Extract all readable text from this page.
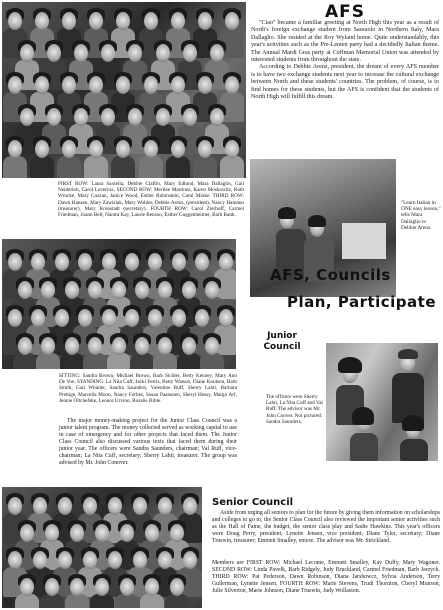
AFS

"Ciao" became a familiar greeting at North High this year as a result of North's foreign exchange student from Sassuolo in Northern Italy, Mara Dallaglio. She resided at the Roy Wyland home. Quite understandably, this year's activities such as the Pre-Lenten party had a decidedly Italian theme. The Annual Mardi Gras party at Coffman Memorial Union was attended by interested students from throughout the state.

According to Debbie Arenz, president, the dream of every AFS member is to have two exchange students next year to increase the cultural exchange between North and these students' countries. The problem, of course, is to find homes for these students, but the AFS is confident that the students of North High will fulfill this dream.

FIRST ROW: Laura Saxtella, Debbie Claflin, Mary Edlund, Mara Dallaglio, Gail Neiderlob, Carol Leveriux; SECOND ROW: Merilee Martinez, Karen Moskowitz, Ruth Wrucke, Mary Cuzzan, Janice Wood, Esther Rubinstein, Carol Mioke. THIRD ROW: Dawn Hansen, Mary Zawislak, Mary Wohler, Debbie Arenz, (president), Nancy Hamann (treasurer), Mary Kronstadt (secretary). FOURTH ROW: Carol Zierhoff, Carmel Friedman, Joann Bell, Naomi Kay, Laurie Benson, Esther Guggenheimer, Barb Bank.
"Learn Italian in ONE easy lesson," tells Mara Dallaglio to Debbie Arenz.
AFS, Councils
Plan, Participate
Junior Council
The officers were Sherry Lahti, La Nita Cuff and Val Ruff. The advisor was Mr. John Conver. Not pictured: Sandra Saunders.
SITTING: Sandra Brown, Michael Brown, Barb Sichler, Betty Kenney, Mary Ann De Voe, STANDING: La Nita Cuff, Jacki Ferris, Betty Watson, Diane Knutson, Barb Smith, Gail Winkler, Sandra Saunders, Valentine Ruff, Sherry Lahti, Barbara Prettige, Marcella Moon, Nancy Forbes, Susan Paananen, Sheryl Hessy, Margo Arf, Jennie Oltchefske, Leonor Urvino, Rosalie Bible.
The major money-making project for the Junior Class Council was a junior talent program. The money collected served as working capital to use in case of emergency and for other projects that faced them. The Junior Class Council also discussed various texts that faced them during their junior year. The officers were Sandra Saunders, chairman; Val Ruff, vice-chairman; La Nita Cuff, secretary; Sherry Lahti, treasurer. The group was advised by Mr. John Conover.
Senior Council
Aside from urging all seniors to plan for the future by giving them information on scholarships and colleges to go to, the Senior Class Council also reviewed the important senior activities such as the Hall of Fame, the budget, the senior class play and Sadie Hawkins. This year's officers were Doug Perry, president; Lynette Jensen, vice president; Diane Tyler, secretary; Diane Truswin, treasurer; Emmett Smalley, emcee. The advisor was Mr. Strickland.
Members are FIRST ROW: Michael Lecome, Emmett Smalley, Kay Duffy, Mary Wagoner. SECOND ROW: Linda Pavelk, Barb Ridgely, Judy Bruckland, Cartnel Friedman, Barb Jarzyck. THIRD ROW: Pat Pederson, Dawn Robinson, Diana Jarshowcz, Sylvia Anderson, Terry Gullerman, Lynette Jensen. FOURTH ROW: Marie Stevens, Trudi Thornton, Cheryl Munson, Julie Silverton, Marie Johnson, Diane Truswin, Judy Wollaston.
32
